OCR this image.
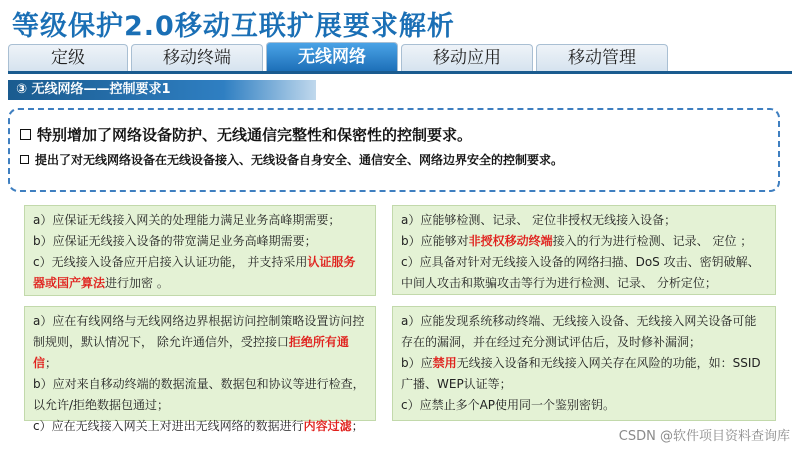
等级保护2.0移动互联扩展要求解析
定级	移动终端	无线网络	移动应用	移动管理
③ 无线网络——控制要求1
特别增加了网络设备防护、无线通信完整性和保密性的控制要求。
提出了对无线网络设备在无线设备接入、无线设备自身安全、通信安全、网络边界安全的控制要求。

a）应保证无线接入网关的处理能力满足业务高峰期需要；

b）应保证无线接入设备的带宽满足业务高峰期需要；

c）无线接入设备应开启接入认证功能， 并支持采用认证服务器或国产算法进行加密 。

a）应能够检测、记录、 定位非授权无线接入设备；

b）应能够对非授权移动终端接入的行为进行检测、记录、 定位 ；

c）应具备对针对无线接入设备的网络扫描、DoS 攻击、密钥破解、中间人攻击和欺骗攻击等行为进行检测、记录、 分析定位；

a）应在有线网络与无线网络边界根据访问控制策略设置访问控制规则，默认情况下， 除允许通信外，受控接口拒绝所有通信；

b）应对来自移动终端的数据流量、数据包和协议等进行检查，以允许/拒绝数据包通过；

c）应在无线接入网关上对进出无线网络的数据进行内容过滤；

a）应能发现系统移动终端、无线接入设备、无线接入网关设备可能存在的漏洞，并在经过充分测试评估后，及时修补漏洞；

b）应禁用无线接入设备和无线接入网关存在风险的功能，如：SSID广播、WEP认证等；

c）应禁止多个AP使用同一个鉴别密钥。

CSDN @软件项目资料查询库
